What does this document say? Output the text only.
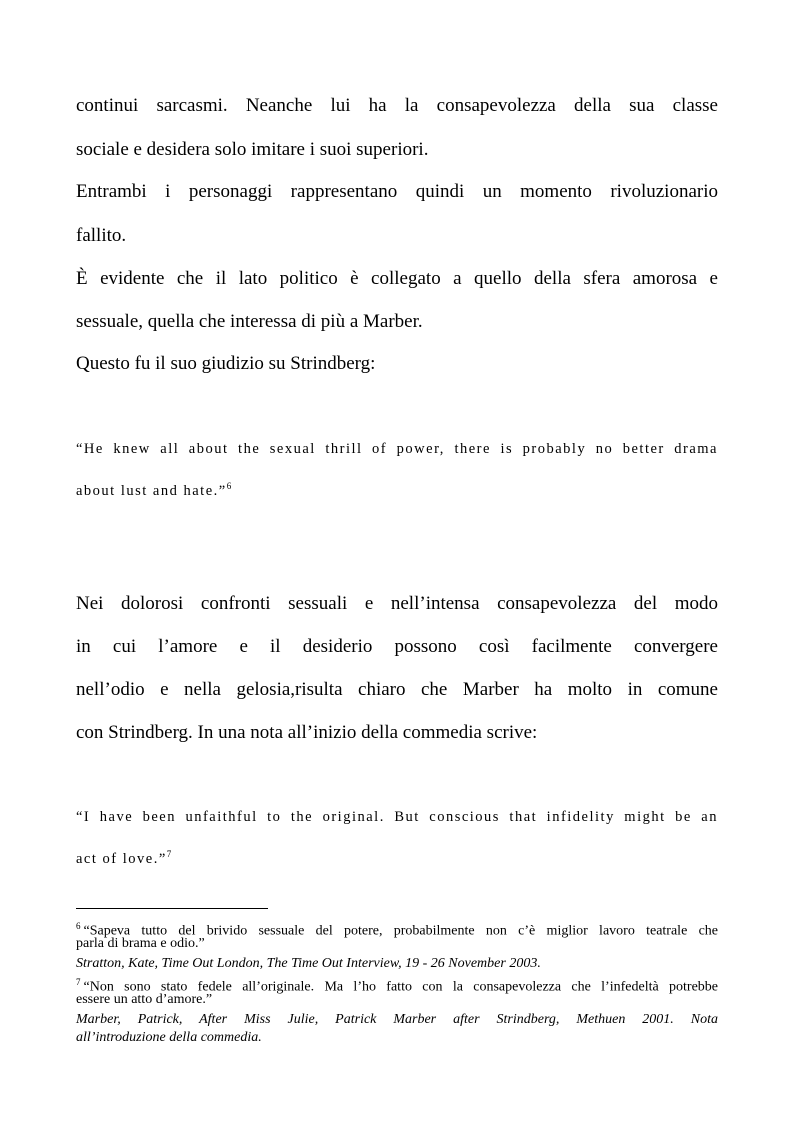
continui sarcasmi. Neanche lui ha la consapevolezza della sua classe
sociale e desidera solo imitare i suoi superiori.
Entrambi i personaggi rappresentano quindi un momento rivoluzionario
fallito.
È evidente che il lato politico è collegato a quello della sfera amorosa e
sessuale, quella che interessa di più a Marber.
Questo fu il suo giudizio su Strindberg:
“He knew all about the sexual thrill of power, there is probably no better drama
about lust and hate.”$^6$
Nei dolorosi confronti sessuali e nell’intensa consapevolezza del modo
in cui l’amore e il desiderio possono così facilmente convergere
nell’odio e nella gelosia,risulta chiaro che Marber ha molto in comune
con Strindberg. In una nota all’inizio della commedia scrive:
“I have been unfaithful to the original. But conscious that infidelity might be an
act of love.”$^7$
$^6$ “Sapeva tutto del brivido sessuale del potere, probabilmente non c’è miglior lavoro teatrale che
parla di brama e odio.”
Stratton, Kate, Time Out London, The Time Out Interview, 19 - 26 November 2003.
$^7$ “Non sono stato fedele all’originale. Ma l’ho fatto con la consapevolezza che l’infedeltà potrebbe
essere un atto d’amore.”
Marber, Patrick, After Miss Julie, Patrick Marber after Strindberg, Methuen 2001. Nota
all’introduzione della commedia.
